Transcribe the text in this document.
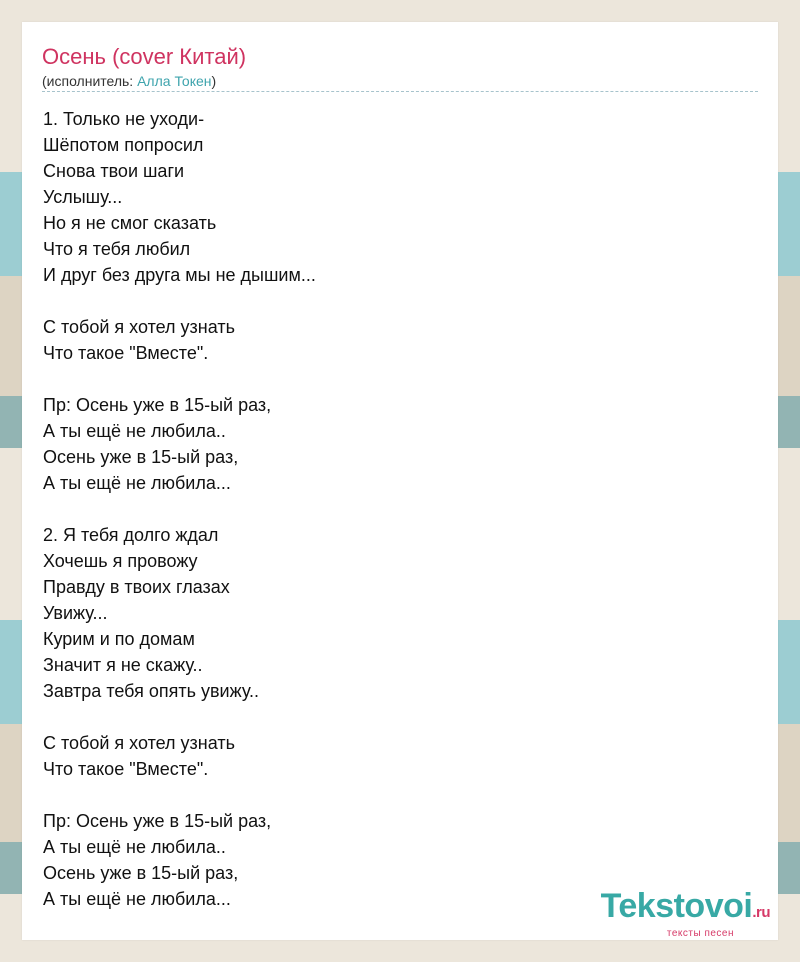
Осень (cover Китай)
(исполнитель: Алла Токен)
1. Только не уходи-
Шёпотом попросил
Снова твои шаги
Услышу...
Но я не смог сказать
Что я тебя любил
И друг без друга мы не дышим...
С тобой я хотел узнать
Что такое "Вместе".
Пр: Осень уже в 15-ый раз,
А ты ещё не любила..
Осень уже в 15-ый раз,
А ты ещё не любила...
2. Я тебя долго ждал
Хочешь я провожу
Правду в твоих глазах
Увижу...
Курим и по домам
Значит я не скажу..
Завтра тебя опять увижу..
С тобой я хотел узнать
Что такое "Вместе".
Пр: Осень уже в 15-ый раз,
А ты ещё не любила..
Осень уже в 15-ый раз,
А ты ещё не любила...	Tekstovoi.ru
тексты песен
